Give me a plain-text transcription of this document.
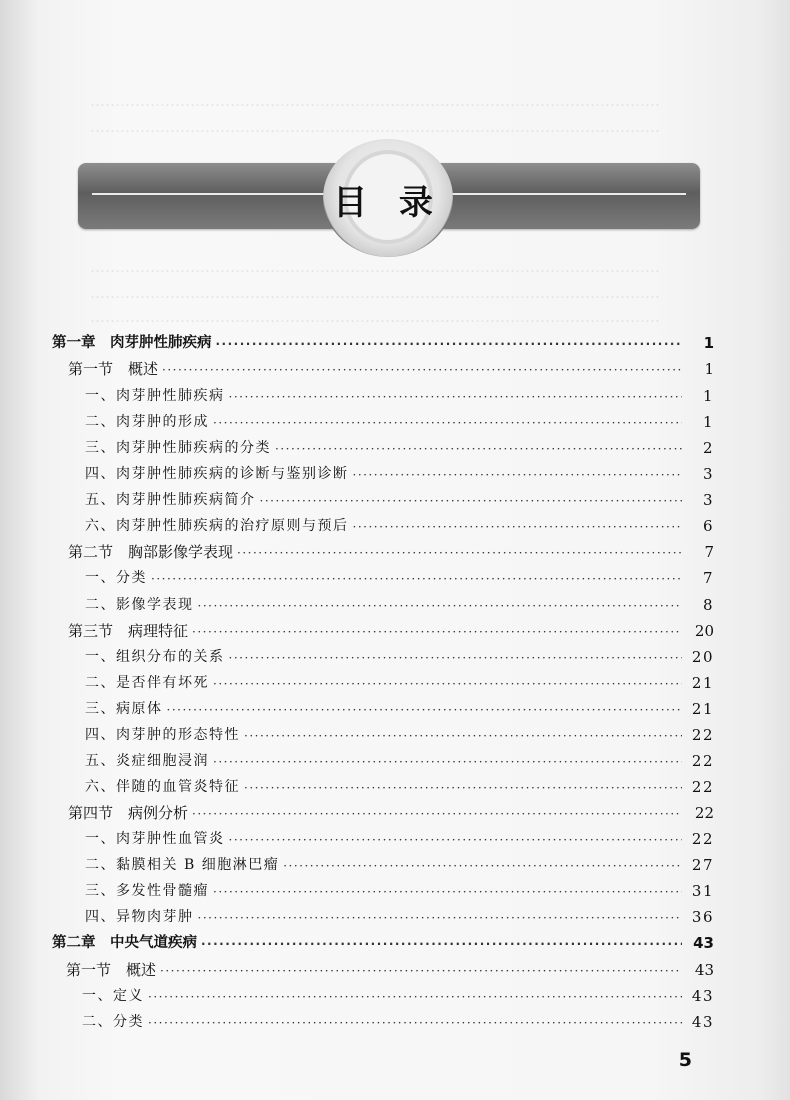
……………………………………………………………………………………………………
……………………………………………………………………………………………………
……………………………………………………………………………………………………
……………………………………………………………………………………………………
……………………………………………………………………………………………………
目 录
第一章　肉芽肿性肺疾病 ·····	1
第一节　概述 ·····	1
一、肉芽肿性肺疾病 ·····	1
二、肉芽肿的形成 ·····	1
三、肉芽肿性肺疾病的分类 ·····	2
四、肉芽肿性肺疾病的诊断与鉴别诊断 ·····	3
五、肉芽肿性肺疾病简介 ·····	3
六、肉芽肿性肺疾病的治疗原则与预后 ·····	6
第二节　胸部影像学表现 ·····	7
一、分类 ·····	7
二、影像学表现 ·····	8
第三节　病理特征 ·····	20
一、组织分布的关系 ·····	20
二、是否伴有坏死 ·····	21
三、病原体 ·····	21
四、肉芽肿的形态特性 ·····	22
五、炎症细胞浸润 ·····	22
六、伴随的血管炎特征 ·····	22
第四节　病例分析 ·····	22
一、肉芽肿性血管炎 ·····	22
二、黏膜相关 B 细胞淋巴瘤 ·····	27
三、多发性骨髓瘤 ·····	31
四、异物肉芽肿 ·····	36
第二章　中央气道疾病 ·····	43
第一节　概述 ·····	43
一、定义 ·····	43
二、分类 ·····	43
5
